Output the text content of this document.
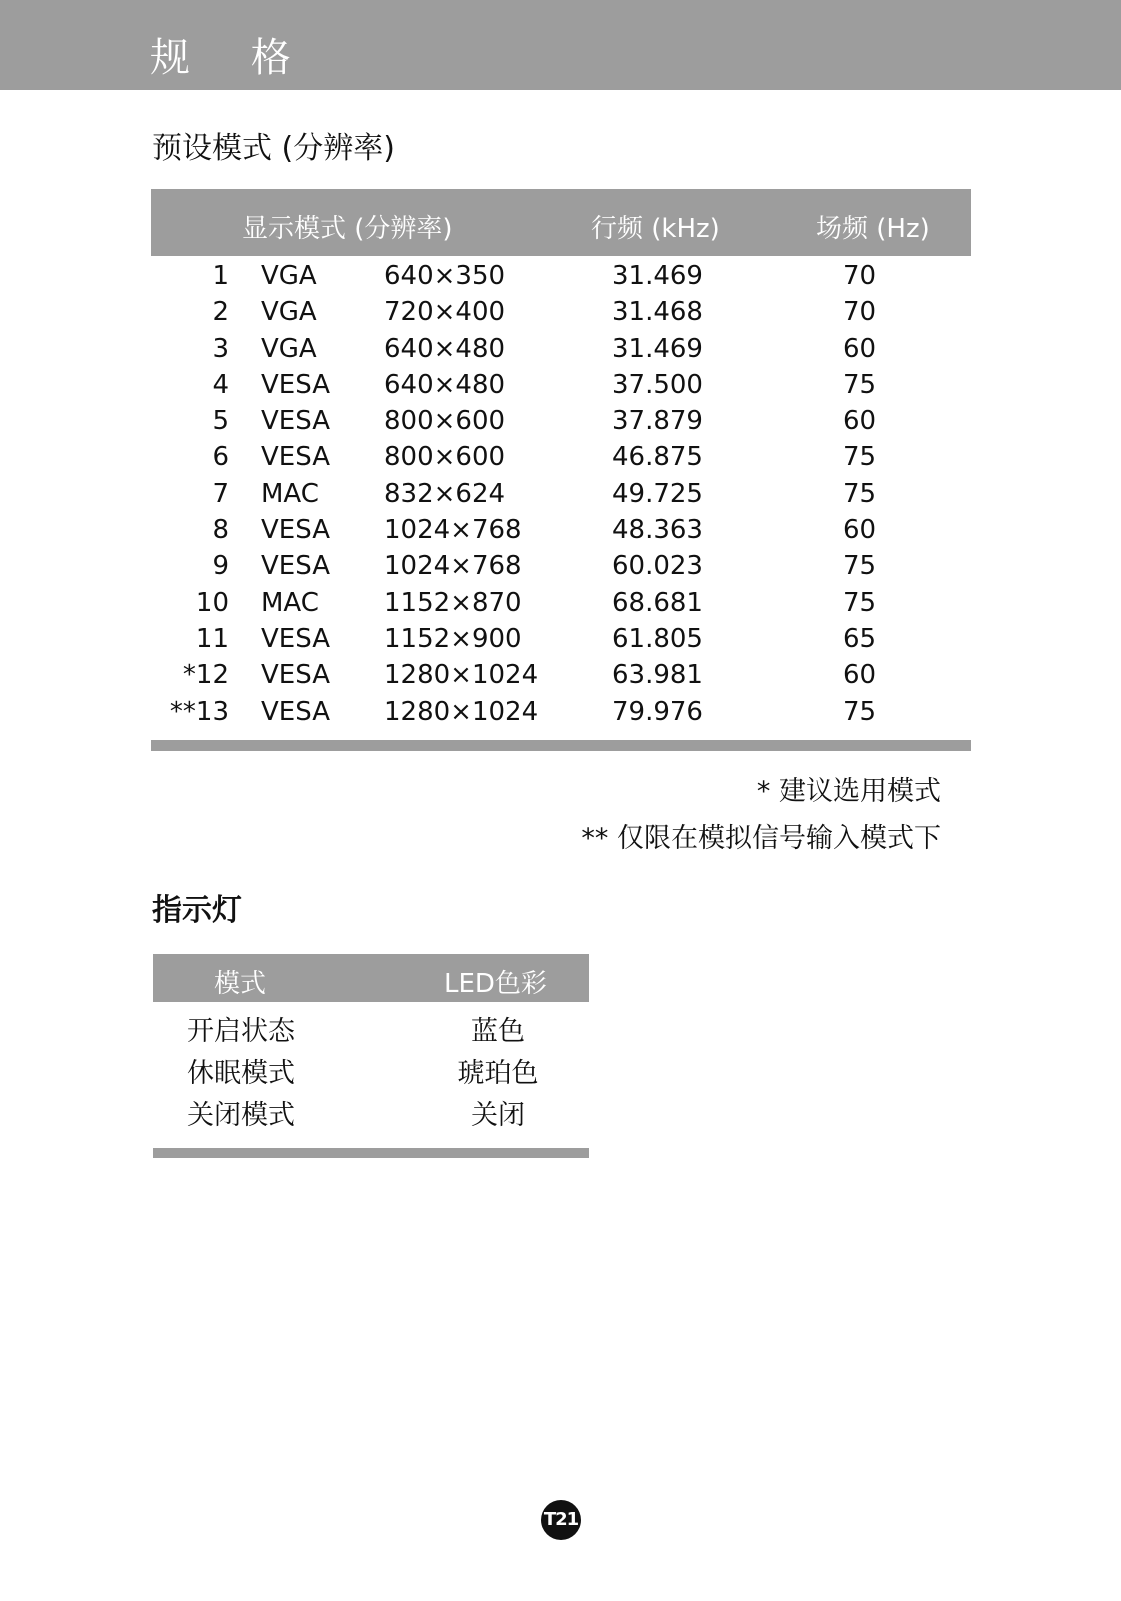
规 格
预设模式 (分辨率)
显示模式 (分辨率)	行频 (kHz)	场频 (Hz)
1 VGA	640×350	31.469	70
2 VGA	720×400	31.468	70
3 VGA	640×480	31.469	60
4 VESA 640×480	37.500	75
5 VESA 800×600	37.879	60
6 VESA 800×600	46.875	75
7 MAC	832×624	49.725	75
8 VESA 1024×768	48.363	60
9 VESA 1024×768	60.023	75
10 MAC	1152×870	68.681	75
11 VESA 1152×900	61.805	65
*12 VESA 1280×1024	63.981	60
**13 VESA 1280×1024	79.976	75
* 建议选用模式
** 仅限在模拟信号输入模式下
指示灯
模式	LED色彩
开启状态	蓝色
休眠模式	琥珀色
关闭模式	关闭
T21
